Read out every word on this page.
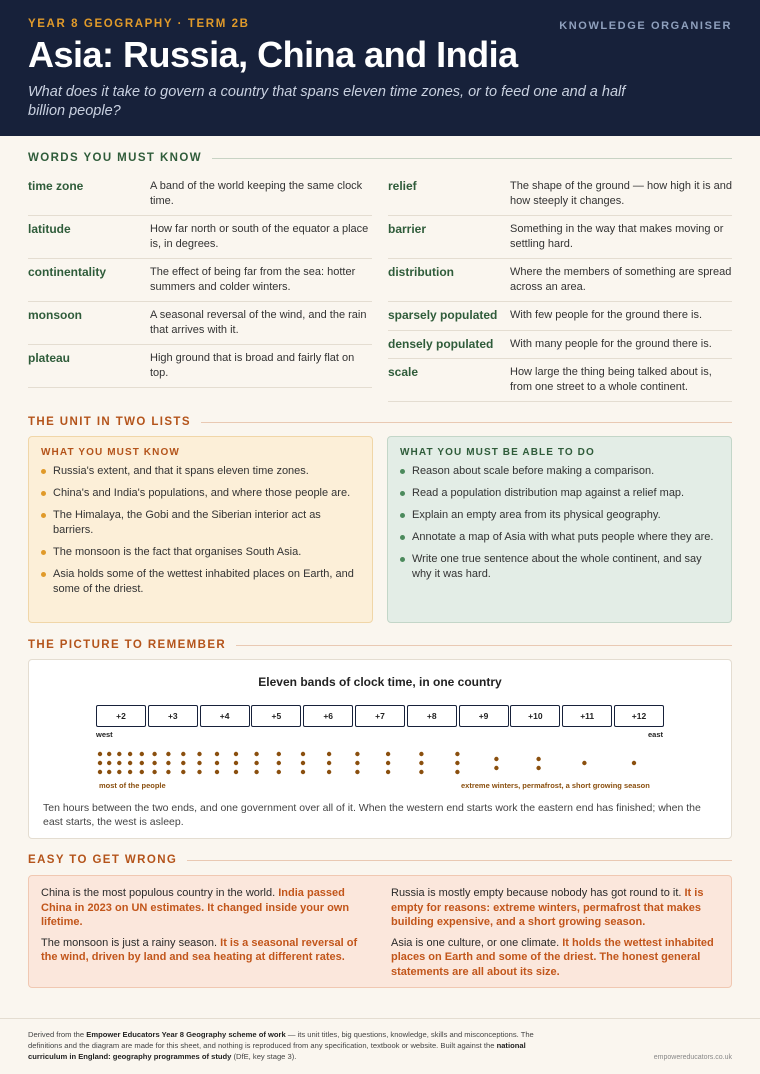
YEAR 8 GEOGRAPHY · TERM 2B	KNOWLEDGE ORGANISER
Asia: Russia, China and India
What does it take to govern a country that spans eleven time zones, or to feed one and a half billion people?
WORDS YOU MUST KNOW
time zone	A band of the world keeping the same clock time.
latitude	How far north or south of the equator a place is, in degrees.
continentality	The effect of being far from the sea: hotter summers and colder winters.
monsoon	A seasonal reversal of the wind, and the rain that arrives with it.
plateau	High ground that is broad and fairly flat on top.
relief	The shape of the ground — how high it is and how steeply it changes.
barrier	Something in the way that makes moving or settling hard.
distribution	Where the members of something are spread across an area.
sparsely populated	With few people for the ground there is.
densely populated	With many people for the ground there is.
scale	How large the thing being talked about is, from one street to a whole continent.
THE UNIT IN TWO LISTS
WHAT YOU MUST KNOW
Russia's extent, and that it spans eleven time zones.
China's and India's populations, and where those people are.
The Himalaya, the Gobi and the Siberian interior act as barriers.
The monsoon is the fact that organises South Asia.
Asia holds some of the wettest inhabited places on Earth, and some of the driest.
WHAT YOU MUST BE ABLE TO DO
Reason about scale before making a comparison.
Read a population distribution map against a relief map.
Explain an empty area from its physical geography.
Annotate a map of Asia with what puts people where they are.
Write one true sentence about the whole continent, and say why it was hard.
THE PICTURE TO REMEMBER
Eleven bands of clock time, in one country
+2	+3	+4	+5	+6	+7	+8	+9	+10	+11	+12
west	east
most of the people	extreme winters, permafrost, a short growing season
Ten hours between the two ends, and one government over all of it. When the western end starts work the eastern end has finished; when the east starts, the west is asleep.
EASY TO GET WRONG

China is the most populous country in the world. India passed China in 2023 on UN estimates. It changed inside your own lifetime.

The monsoon is just a rainy season. It is a seasonal reversal of the wind, driven by land and sea heating at different rates.

Russia is mostly empty because nobody has got round to it. It is empty for reasons: extreme winters, permafrost that makes building expensive, and a short growing season.

Asia is one culture, or one climate. It holds the wettest inhabited places on Earth and some of the driest. The honest general statements are all about its size.

Derived from the Empower Educators Year 8 Geography scheme of work — its unit titles, big questions, knowledge, skills and misconceptions. The definitions and the diagram are made for this sheet, and nothing is reproduced from any specification, textbook or website. Built against the national curriculum in England: geography programmes of study (DfE, key stage 3).	empowereducators.co.uk
